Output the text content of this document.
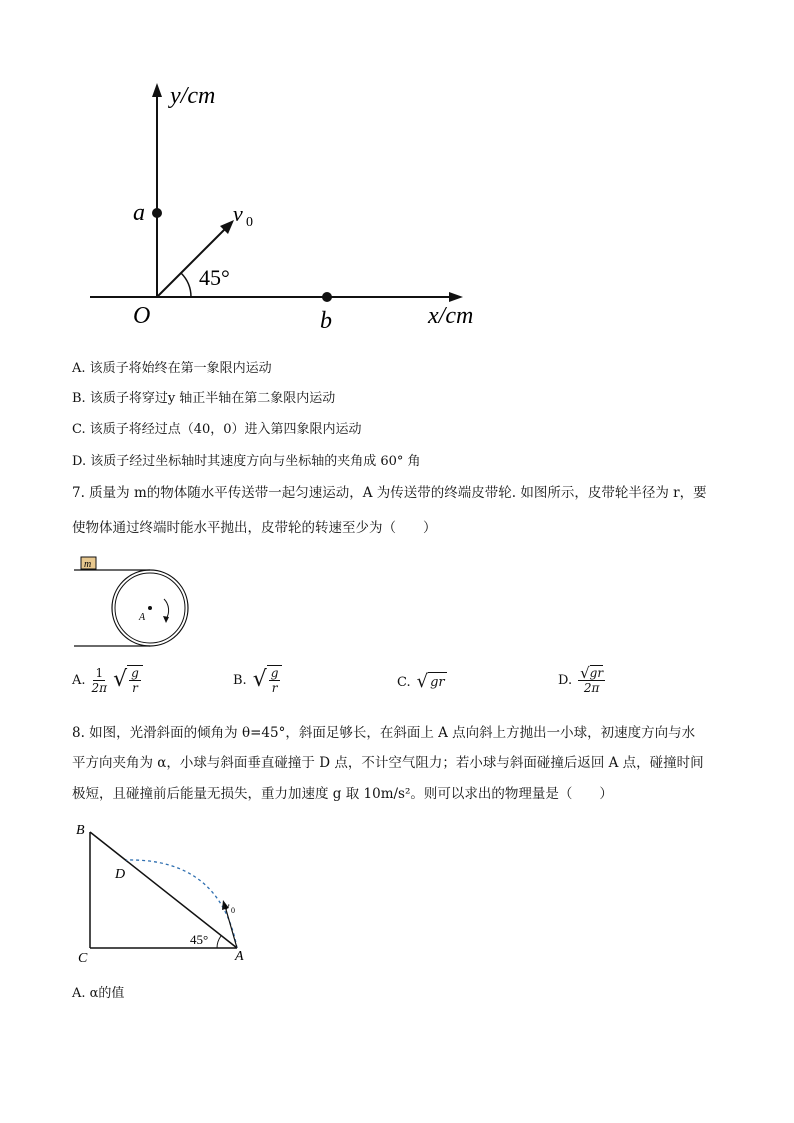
y/cm
x/cm
O
a
b
v 0
45°
A. 该质子将始终在第一象限内运动
B. 该质子将穿过y 轴正半轴在第二象限内运动
C. 该质子将经过点（40，0）进入第四象限内运动
D. 该质子经过坐标轴时其速度方向与坐标轴的夹角成 60° 角
7. 质量为 m的物体随水平传送带一起匀速运动，A 为传送带的终端皮带轮. 如图所示，皮带轮半径为 r，要
使物体通过终端时能水平抛出，皮带轮的转速至少为（　　）
m
A
A. $\frac{1}{2\pi}$ √ $\frac{g}{r}$	B. √ $\frac{g}{r}$	C. √ gr	D. $\frac{√ gr}{2\pi}$
8. 如图，光滑斜面的倾角为 θ=45°，斜面足够长，在斜面上 A 点向斜上方抛出一小球，初速度方向与水
平方向夹角为 α，小球与斜面垂直碰撞于 D 点，不计空气阻力；若小球与斜面碰撞后返回 A 点，碰撞时间
极短，且碰撞前后能量无损失，重力加速度 g 取 10m/s²。则可以求出的物理量是（　　）
B
C
D
A
45°
v 0
A. α的值
